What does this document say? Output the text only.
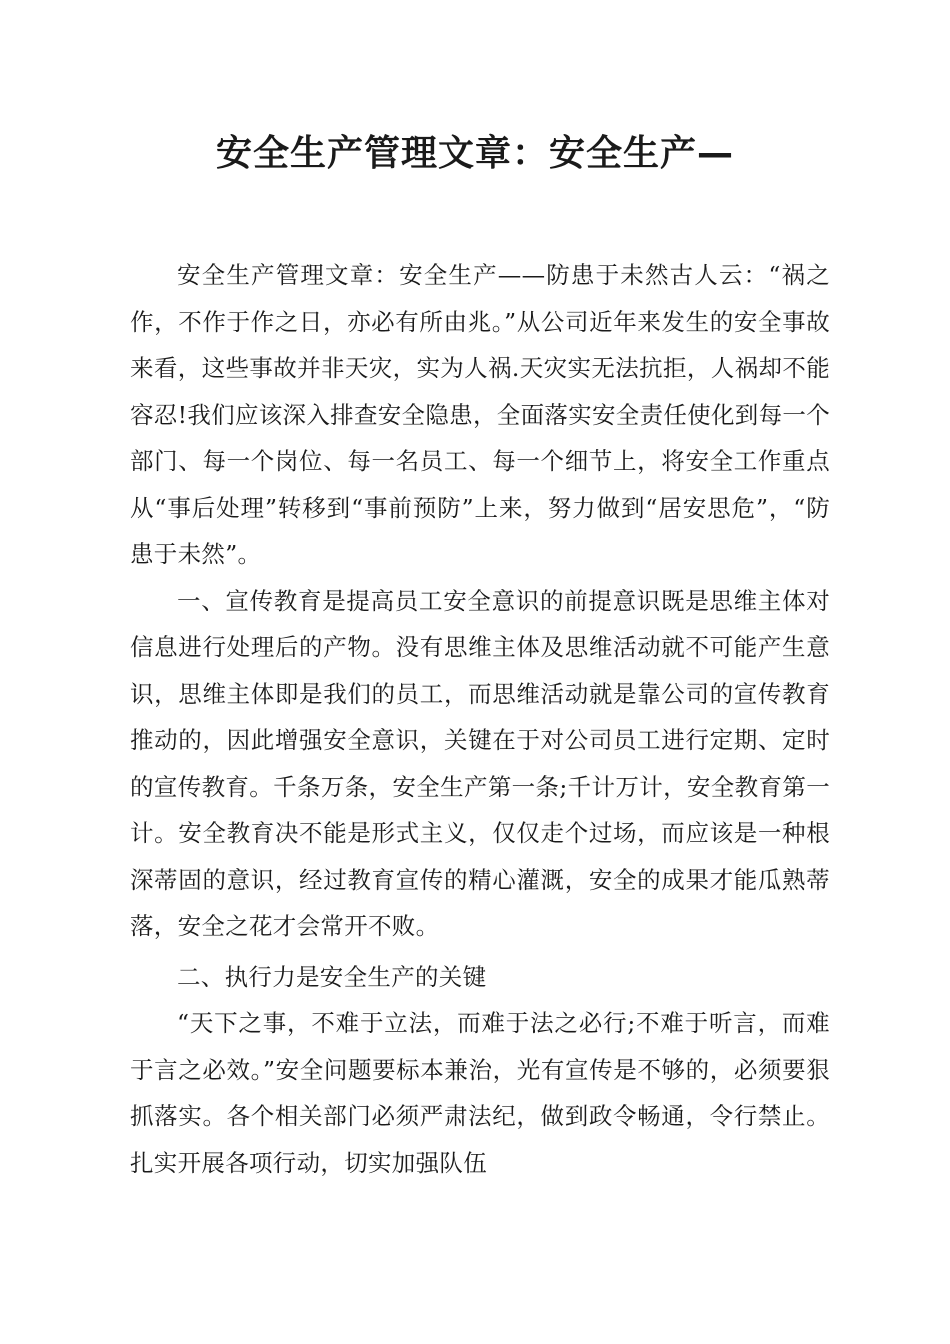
安全生产管理文章：安全生产—

安全生产管理文章：安全生产——防患于未然古人云：“祸之作，不作于作之日，亦必有所由兆。”从公司近年来发生的安全事故来看，这些事故并非天灾，实为人祸.天灾实无法抗拒，人祸却不能容忍!我们应该深入排查安全隐患，全面落实安全责任使化到每一个部门、每一个岗位、每一名员工、每一个细节上，将安全工作重点从“事后处理”转移到“事前预防”上来，努力做到“居安思危”，“防患于未然”。

一、宣传教育是提高员工安全意识的前提意识既是思维主体对信息进行处理后的产物。没有思维主体及思维活动就不可能产生意识，思维主体即是我们的员工，而思维活动就是靠公司的宣传教育推动的，因此增强安全意识，关键在于对公司员工进行定期、定时的宣传教育。千条万条，安全生产第一条;千计万计，安全教育第一计。安全教育决不能是形式主义，仅仅走个过场，而应该是一种根深蒂固的意识，经过教育宣传的精心灌溉，安全的成果才能瓜熟蒂落，安全之花才会常开不败。

二、执行力是安全生产的关键

“天下之事，不难于立法，而难于法之必行;不难于听言，而难于言之必效。”安全问题要标本兼治，光有宣传是不够的，必须要狠抓落实。各个相关部门必须严肃法纪，做到政令畅通，令行禁止。扎实开展各项行动，切实加强队伍
